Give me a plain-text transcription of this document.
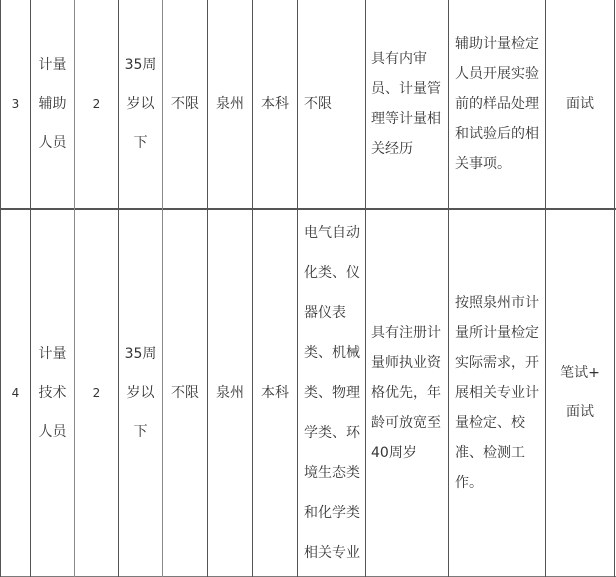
3
计量
辅助
人员
2
35周
岁以
下
不限 泉州 本科 不限
具有内审
员、计量管
理等计量相
关经历
辅助计量检定
人员开展实验
前的样品处理
和试验后的相
关事项。
面试
4
计量
技术
人员
2
35周
岁以
下
不限 泉州 本科
电气自动
化类、仪
器仪表
类、机械
类、物理
学类、环
境生态类
和化学类
相关专业
具有注册计
量师执业资
格优先，年
龄可放宽至
40周岁
按照泉州市计
量所计量检定
实际需求，开
展相关专业计
量检定、校
准、检测工
作。
笔试+
面试
